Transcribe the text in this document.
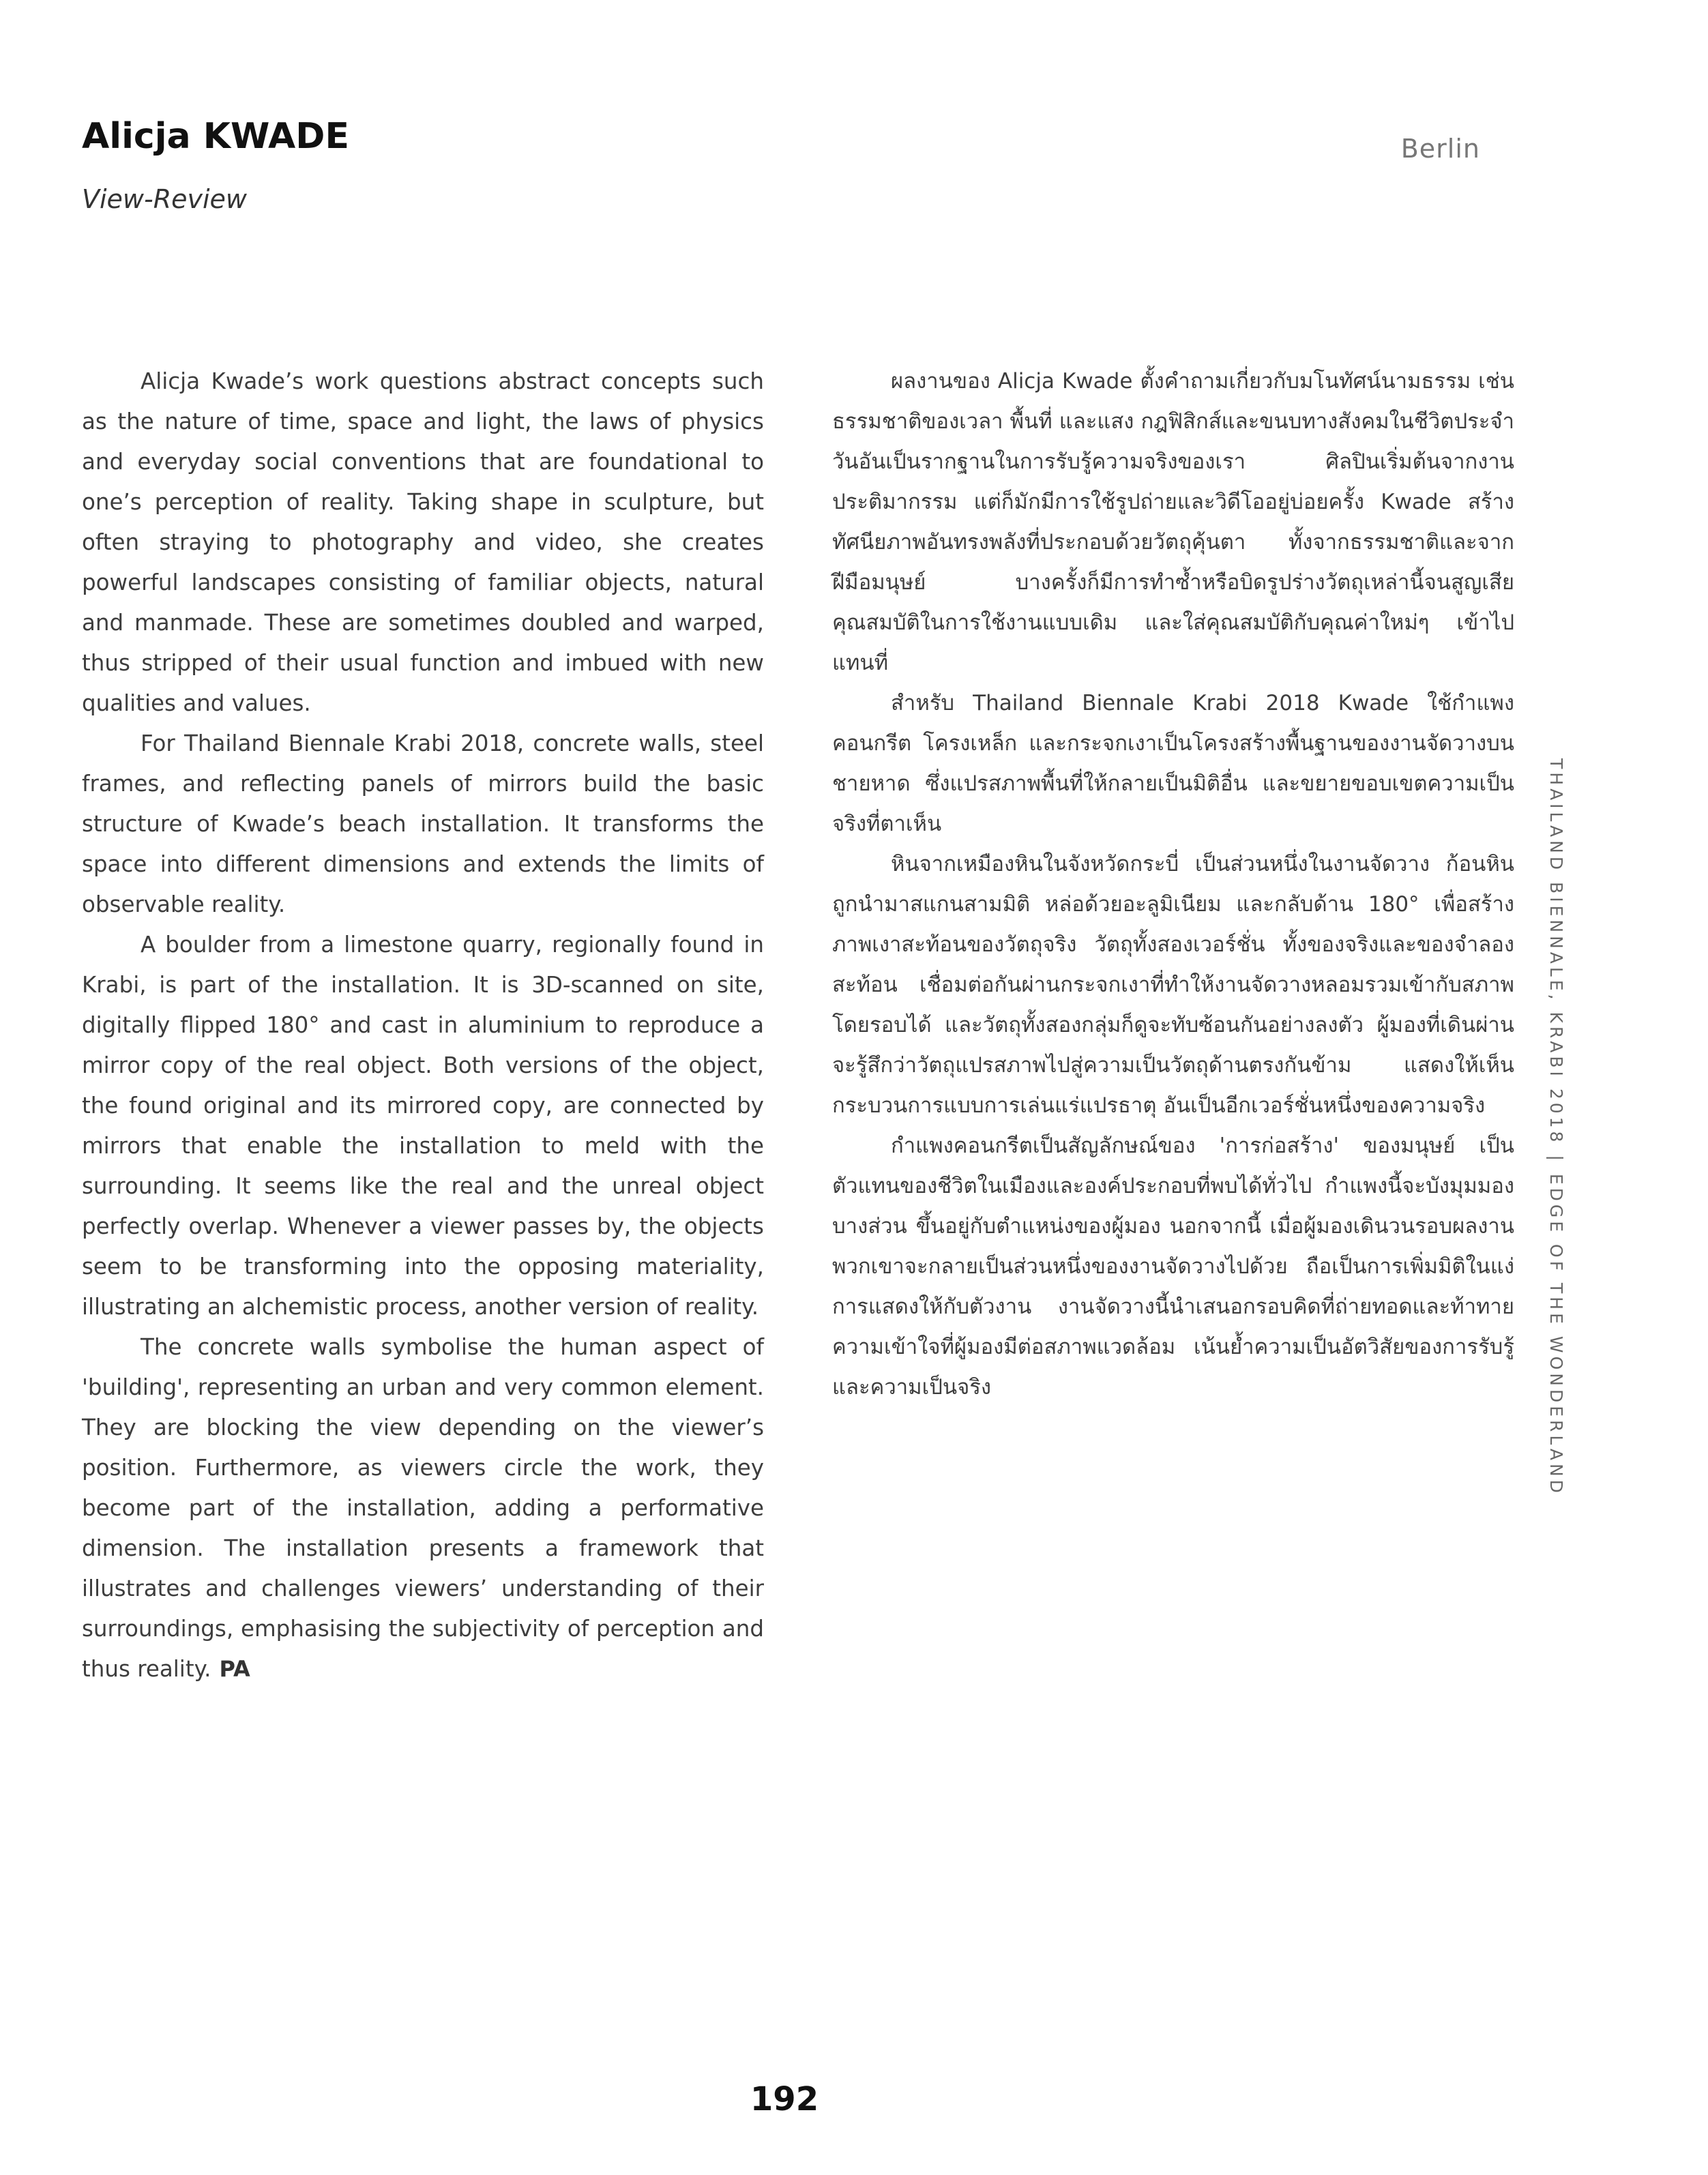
Alicja KWADE
View-Review
Berlin

Alicja Kwade’s work questions abstract concepts such as the nature of time, space and light, the laws of physics and everyday social conventions that are foundational to one’s perception of reality. Taking shape in sculpture, but often straying to photography and video, she creates powerful landscapes consisting of familiar objects, natural and manmade. These are sometimes doubled and warped, thus stripped of their usual function and imbued with new qualities and values.

For Thailand Biennale Krabi 2018, concrete walls, steel frames, and reflecting panels of mirrors build the basic structure of Kwade’s beach installation. It transforms the space into different dimensions and extends the limits of observable reality.

A boulder from a limestone quarry, regionally found in Krabi, is part of the installation. It is 3D-scanned on site, digitally flipped 180° and cast in aluminium to reproduce a mirror copy of the real object. Both versions of the object, the found original and its mirrored copy, are connected by mirrors that enable the installation to meld with the surrounding. It seems like the real and the unreal object perfectly overlap. Whenever a viewer passes by, the objects seem to be transforming into the opposing materiality, illustrating an alchemistic process, another version of reality.

The concrete walls symbolise the human aspect of 'building', representing an urban and very common element. They are blocking the view depending on the viewer’s position. Furthermore, as viewers circle the work, they become part of the installation, adding a performative dimension. The installation presents a framework that illustrates and challenges viewers’ understanding of their surroundings, emphasising the subjectivity of perception and thus reality. PA

ผลงานของ Alicja Kwade ตั้งคำถามเกี่ยวกับมโนทัศน์นามธรรม เช่น ธรรมชาติของเวลา พื้นที่ และแสง กฎฟิสิกส์และขนบทางสังคมในชีวิตประจำวันอันเป็นรากฐานในการรับรู้ความจริงของเรา ศิลปินเริ่มต้นจากงานประติมากรรม แต่ก็มักมีการใช้รูปถ่ายและวิดีโออยู่บ่อยครั้ง Kwade สร้างทัศนียภาพอันทรงพลังที่ประกอบด้วยวัตถุคุ้นตา ทั้งจากธรรมชาติและจากฝีมือมนุษย์ บางครั้งก็มีการทำซ้ำหรือบิดรูปร่างวัตถุเหล่านี้จนสูญเสียคุณสมบัติในการใช้งานแบบเดิม และใส่คุณสมบัติกับคุณค่าใหม่ๆ เข้าไปแทนที่

สำหรับ Thailand Biennale Krabi 2018 Kwade ใช้กำแพงคอนกรีต โครงเหล็ก และกระจกเงาเป็นโครงสร้างพื้นฐานของงานจัดวางบนชายหาด ซึ่งแปรสภาพพื้นที่ให้กลายเป็นมิติอื่น และขยายขอบเขตความเป็นจริงที่ตาเห็น

หินจากเหมืองหินในจังหวัดกระบี่ เป็นส่วนหนึ่งในงานจัดวาง ก้อนหินถูกนำมาสแกนสามมิติ หล่อด้วยอะลูมิเนียม และกลับด้าน 180° เพื่อสร้างภาพเงาสะท้อนของวัตถุจริง วัตถุทั้งสองเวอร์ชั่น ทั้งของจริงและของจำลองสะท้อน เชื่อมต่อกันผ่านกระจกเงาที่ทำให้งานจัดวางหลอมรวมเข้ากับสภาพโดยรอบได้ และวัตถุทั้งสองกลุ่มก็ดูจะทับซ้อนกันอย่างลงตัว ผู้มองที่เดินผ่านจะรู้สึกว่าวัตถุแปรสภาพไปสู่ความเป็นวัตถุด้านตรงกันข้าม แสดงให้เห็นกระบวนการแบบการเล่นแร่แปรธาตุ อันเป็นอีกเวอร์ชั่นหนึ่งของความจริง

กำแพงคอนกรีตเป็นสัญลักษณ์ของ 'การก่อสร้าง' ของมนุษย์ เป็นตัวแทนของชีวิตในเมืองและองค์ประกอบที่พบได้ทั่วไป กำแพงนี้จะบังมุมมองบางส่วน ขึ้นอยู่กับตำแหน่งของผู้มอง นอกจากนี้ เมื่อผู้มองเดินวนรอบผลงาน พวกเขาจะกลายเป็นส่วนหนึ่งของงานจัดวางไปด้วย ถือเป็นการเพิ่มมิติในแง่การแสดงให้กับตัวงาน งานจัดวางนี้นำเสนอกรอบคิดที่ถ่ายทอดและท้าทายความเข้าใจที่ผู้มองมีต่อสภาพแวดล้อม เน้นย้ำความเป็นอัตวิสัยของการรับรู้และความเป็นจริง

THAILAND BIENNALE, KRABI 2018|EDGE OF THE WONDERLAND
192
